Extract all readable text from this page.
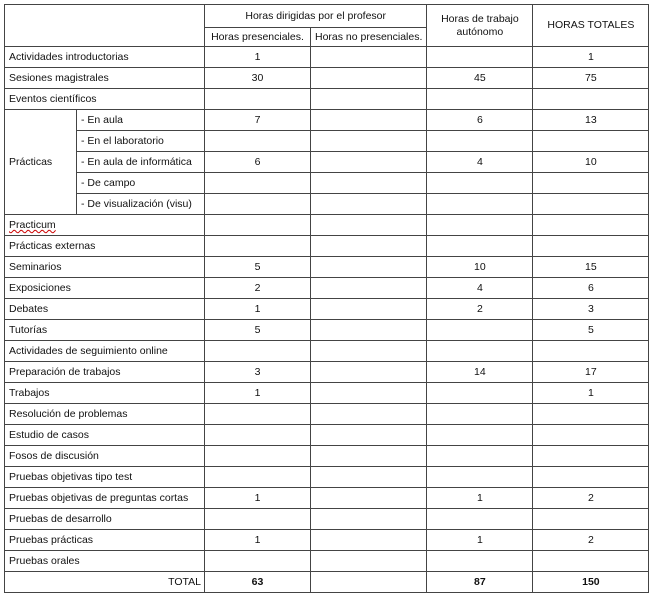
		Horas dirigidas por el profesor		Horas de trabajo autónomo	HORAS TOTALES
		Horas presenciales.	Horas no presenciales.		
Actividades introductorias		1			1
Sesiones magistrales		30		45	75
Eventos científicos					
Prácticas	- En aula	7		6	13
	- En el laboratorio				
	- En aula de informática	6		4	10
	- De campo				
	- De visualización (visu)				
Practicum					
Prácticas externas					
Seminarios		5		10	15
Exposiciones		2		4	6
Debates		1		2	3
Tutorías		5			5
Actividades de seguimiento online					
Preparación de trabajos		3		14	17
Trabajos		1			1
Resolución de problemas					
Estudio de casos					
Fosos de discusión					
Pruebas objetivas tipo test					
Pruebas objetivas de preguntas cortas		1		1	2
Pruebas de desarrollo					
Pruebas prácticas		1		1	2
Pruebas orales					
TOTAL		63		87	150
